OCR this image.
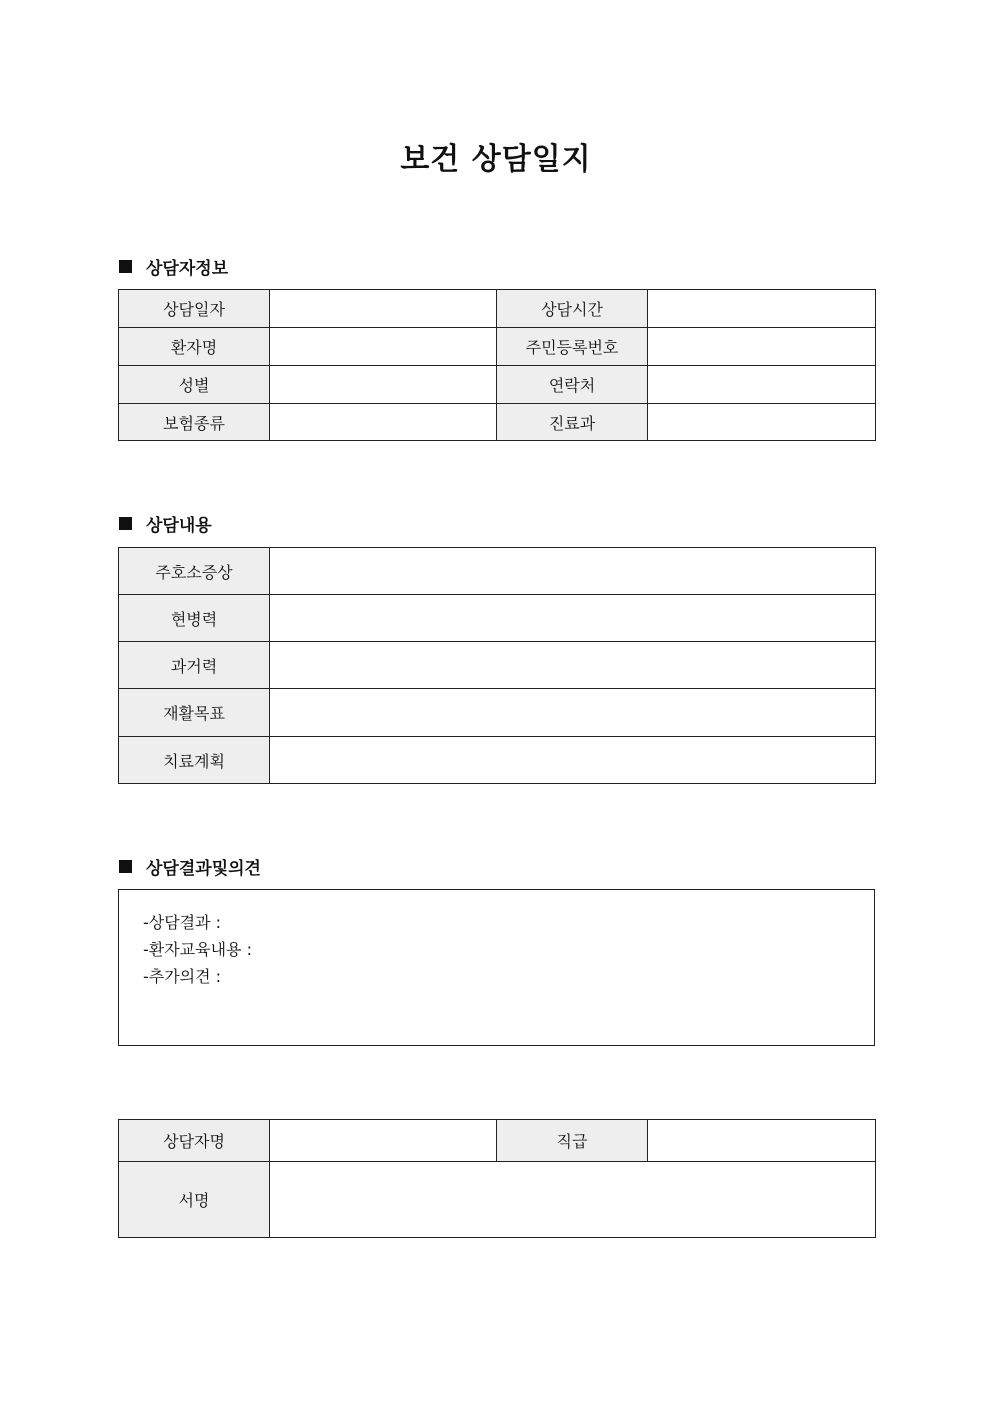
보건 상담일지
상담자정보
상담일자		상담시간	
환자명		주민등록번호	
성별		연락처	
보험종류		진료과	
상담내용
주호소증상	
현병력	
과거력	
재활목표	
치료계획	
상담결과및의견
-상담결과 :
-환자교육내용 :
-추가의견 :
상담자명		직급	
서명			
